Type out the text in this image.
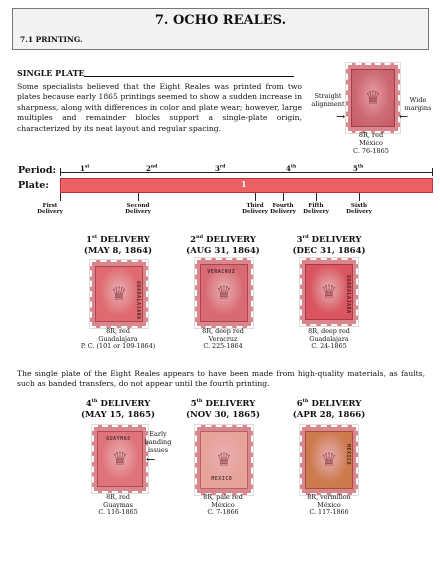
7. OCHO REALES.
7.1 PRINTING.
SINGLE PLATE
Some specialists believed that the Eight Reales was printed from two plates because early 1865 printings seemed to show a sudden increase in sharpness, along with differences in color and plate wear; however, large multiples and remainder blocks support a single-plate origin, characterized by its neat layout and regular spacing.
Straight
alignment
→
♛
←
Wide
margins
8R, red
México
C. 76-1865
Period:
Plate:
1st	2nd	3rd	4th	5th
1
First
Delivery
Second
Delivery
Third
Delivery
Fourth
Delivery
Fifth
Delivery
Sixth
Delivery
1st DELIVERY
(MAY 8, 1864)
2nd DELIVERY
(AUG 31, 1864)
3rd DELIVERY
(DEC 31, 1864)
♛ GUADALAJARA	♛
VERACRUZ
♛ GUADALAJARA
8R, red
Guadalajara
P. C. (101 or 109-1864)
8R, deep red
Veracruz
C. 225-1864
8R, deep red
Guadalajara
C. 24-1865
The single plate of the Eight Reales appears to have been made from high-quality materials, as faults, such as banded transfers, do not appear until the fourth printing.
4th DELIVERY
(MAY 15, 1865)
5th DELIVERY
(NOV 30, 1865)
6th DELIVERY
(APR 28, 1866)
♛
GUAYMAS
Early
banding
issues
←	♛
MEXICO
♛ MEXICO
8R, red
Guaymas
C. 116-1865
8R, pale red
México
C. 7-1866
8R, vermilion
México
C. 117-1866
